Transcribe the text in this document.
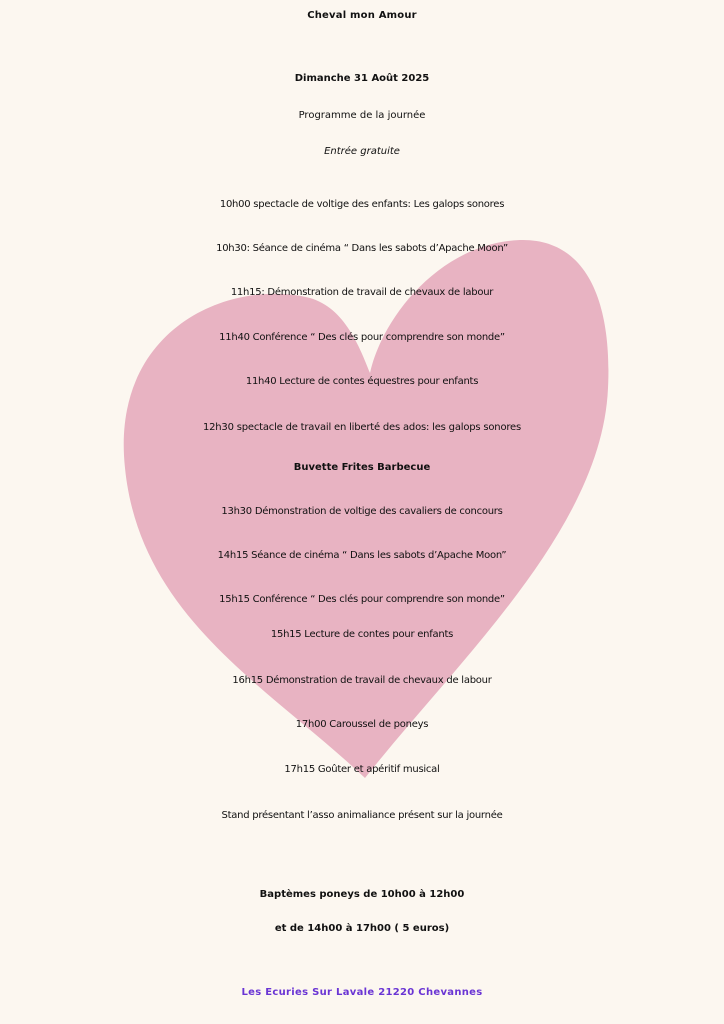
Cheval mon Amour
Dimanche 31 Août 2025
Programme de la journée
Entrée gratuite
10h00 spectacle de voltige des enfants: Les galops sonores
10h30: Séance de cinéma “ Dans les sabots d’Apache Moon”
11h15: Démonstration de travail de chevaux de labour
11h40 Conférence “ Des clés pour comprendre son monde”
11h40 Lecture de contes équestres pour enfants
12h30 spectacle de travail en liberté des ados: les galops sonores
Buvette Frites Barbecue
13h30 Démonstration de voltige des cavaliers de concours
14h15 Séance de cinéma “ Dans les sabots d’Apache Moon”
15h15 Conférence “ Des clés pour comprendre son monde”
15h15 Lecture de contes pour enfants
16h15 Démonstration de travail de chevaux de labour
17h00 Caroussel de poneys
17h15 Goûter et apéritif musical
Stand présentant l’asso animaliance présent sur la journée
Baptèmes poneys de 10h00 à 12h00
et de 14h00 à 17h00 ( 5 euros)
Les Ecuries Sur Lavale 21220 Chevannes
